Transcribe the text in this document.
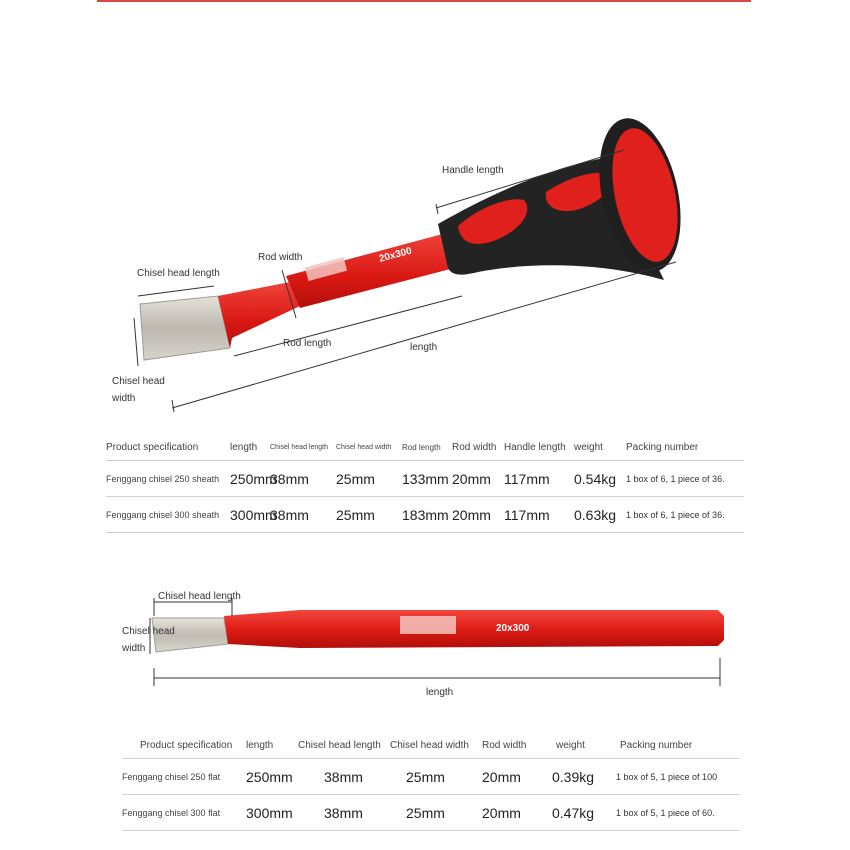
20x300
Handle length
Rod width
Chisel head length
Rod length	length
Chisel head
width
Product specification	length	Chisel head length	Chisel head width	Rod length	Rod width	Handle length	weight	Packing number
Fenggang chisel 250 sheath	250mm	38mm	25mm	133mm	20mm	117mm	0.54kg	1 box of 6, 1 piece of 36.
Fenggang chisel 300 sheath	300mm	38mm	25mm	183mm	20mm	117mm	0.63kg	1 box of 6, 1 piece of 36.
20x300
Chisel head length
Chisel head
width
length
Product specification	length	Chisel head length	Chisel head width	Rod width	weight	Packing number
Fenggang chisel 250 flat	250mm	38mm	25mm	20mm	0.39kg	1 box of 5, 1 piece of 100
Fenggang chisel 300 flat	300mm	38mm	25mm	20mm	0.47kg	1 box of 5, 1 piece of 60.
